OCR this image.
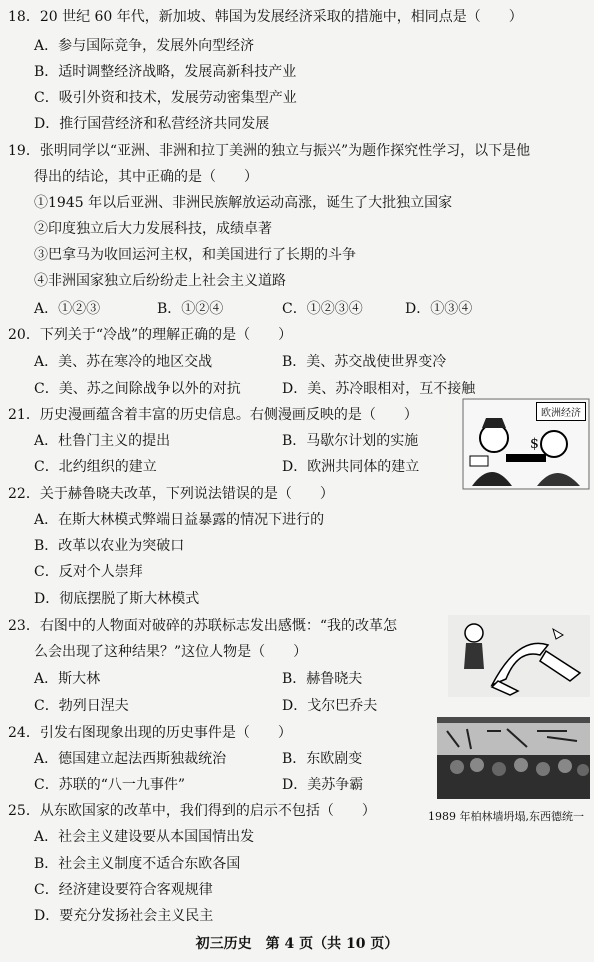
18．20 世纪 60 年代，新加坡、韩国为发展经济采取的措施中，相同点是（　　）
A．参与国际竞争，发展外向型经济
B．适时调整经济战略，发展高新科技产业
C．吸引外资和技术，发展劳动密集型产业
D．推行国营经济和私营经济共同发展
19．张明同学以“亚洲、非洲和拉丁美洲的独立与振兴”为题作探究性学习，以下是他
得出的结论，其中正确的是（　　）
①1945 年以后亚洲、非洲民族解放运动高涨，诞生了大批独立国家
②印度独立后大力发展科技，成绩卓著
③巴拿马为收回运河主权，和美国进行了长期的斗争
④非洲国家独立后纷纷走上社会主义道路
A．①②③	B．①②④	C．①②③④	D．①③④
20．下列关于“冷战”的理解正确的是（　　）
A．美、苏在寒冷的地区交战	B．美、苏交战使世界变冷
C．美、苏之间除战争以外的对抗	D．美、苏冷眼相对，互不接触
21．历史漫画蕴含着丰富的历史信息。右侧漫画反映的是（　　）
A．杜鲁门主义的提出	B．马歇尔计划的实施
C．北约组织的建立	D．欧洲共同体的建立
$
欧洲经济
22．关于赫鲁晓夫改革，下列说法错误的是（　　）
A．在斯大林模式弊端日益暴露的情况下进行的
B．改革以农业为突破口
C．反对个人崇拜
D．彻底摆脱了斯大林模式
23．右图中的人物面对破碎的苏联标志发出感慨：“我的改革怎
么会出现了这种结果？”这位人物是（　　）
A．斯大林	B．赫鲁晓夫
C．勃列日涅夫	D．戈尔巴乔夫
24．引发右图现象出现的历史事件是（　　）
A．德国建立起法西斯独裁统治	B．东欧剧变
C．苏联的“八一九事件”	D．美苏争霸
1989 年柏林墙坍塌,东西德统一
25．从东欧国家的改革中，我们得到的启示不包括（　　）
A．社会主义建设要从本国国情出发
B．社会主义制度不适合东欧各国
C．经济建设要符合客观规律
D．要充分发扬社会主义民主
初三历史　第 4 页（共 10 页）
